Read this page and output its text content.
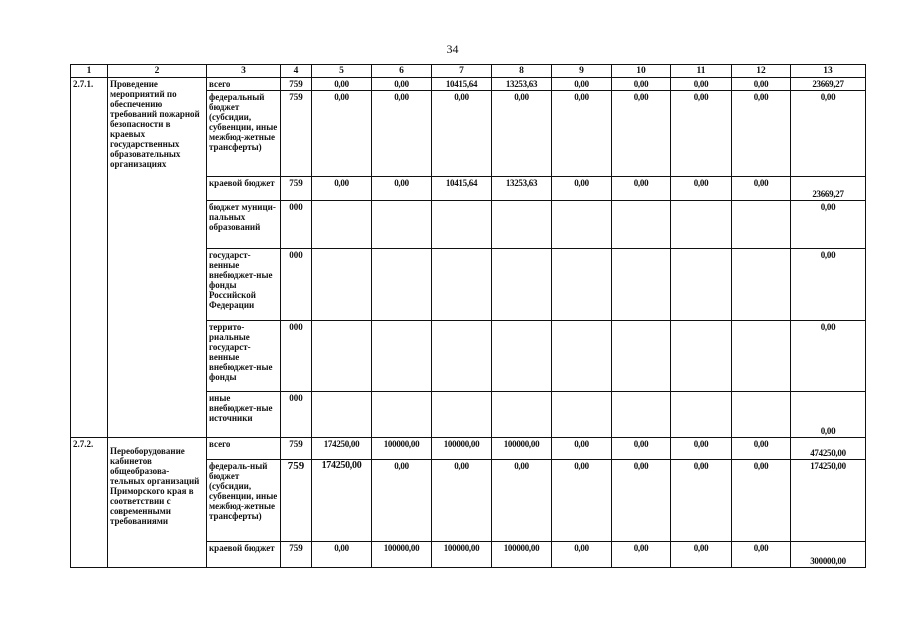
34
1	2	3	4	5	6	7	8	9	10	11	12	13
2.7.1.	Проведение мероприятий по обеспечению требований пожарной безопасности в краевых государственных образовательных организациях	всего	759	0,00	0,00	10415,64	13253,63	0,00	0,00	0,00	0,00	23669,27
		федеральный бюджет (субсидии, субвенции, иные межбюд-жетные трансферты)	759	0,00	0,00	0,00	0,00	0,00	0,00	0,00	0,00	0,00
		краевой бюджет	759	0,00	0,00	10415,64	13253,63	0,00	0,00	0,00	0,00	23669,27
		бюджет муници-пальных образований	000									0,00
		государст-венные внебюджет-ные фонды Российской Федерации	000									0,00
		террито-риальные государст-венные внебюджет-ные фонды	000									0,00
		иные внебюджет-ные источники	000									0,00
2.7.2.	Переоборудование кабинетов общеобразова-тельных организаций Приморского края в соответствии с современными требованиями	всего	759	174250,00	100000,00	100000,00	100000,00	0,00	0,00	0,00	0,00	474250,00
		федераль-ный бюджет (субсидии, субвенции, иные межбюд-жетные трансферты)	759	174250,00	0,00	0,00	0,00	0,00	0,00	0,00	0,00	174250,00
		краевой бюджет	759	0,00	100000,00	100000,00	100000,00	0,00	0,00	0,00	0,00	300000,00
